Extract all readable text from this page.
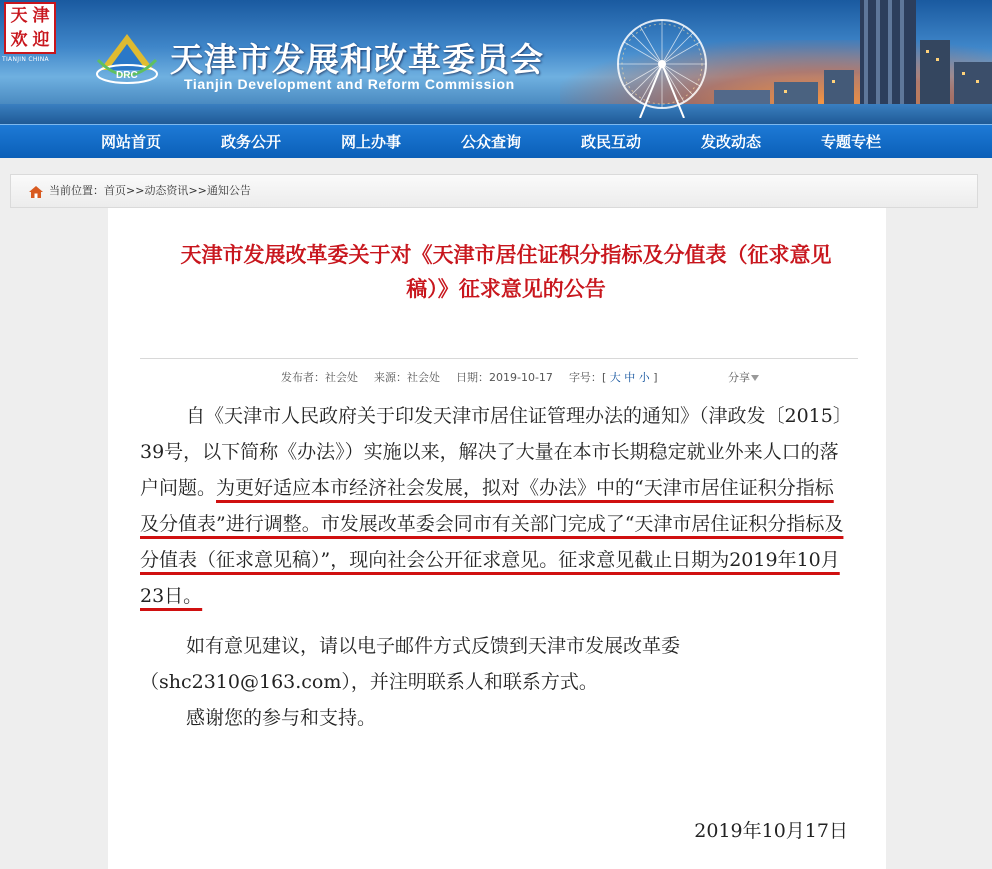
天 津
欢 迎
TIANJIN CHINA
DRC 天津市发展和改革委员会
Tianjin Development and Reform Commission
网站首页	政务公开	网上办事	公众查询	政民互动	发改动态	专题专栏
当前位置：首页>>动态资讯>>通知公告
天津市发展改革委关于对《天津市居住证积分指标及分值表（征求意见稿）》征求意见的公告
发布者：社会处 来源：社会处 日期：2019-10-17 字号：[ 大 中 小 ]	分享
自《天津市人民政府关于印发天津市居住证管理办法的通知》（津政发〔2015〕39号，以下简称《办法》）实施以来，解决了大量在本市长期稳定就业外来人口的落户问题。为更好适应本市经济社会发展，拟对《办法》中的“天津市居住证积分指标及分值表”进行调整。市发展改革委会同市有关部门完成了“天津市居住证积分指标及分值表（征求意见稿）”，现向社会公开征求意见。征求意见截止日期为2019年10月23日。
如有意见建议，请以电子邮件方式反馈到天津市发展改革委（shc2310@163.com），并注明联系人和联系方式。
感谢您的参与和支持。
2019年10月17日
